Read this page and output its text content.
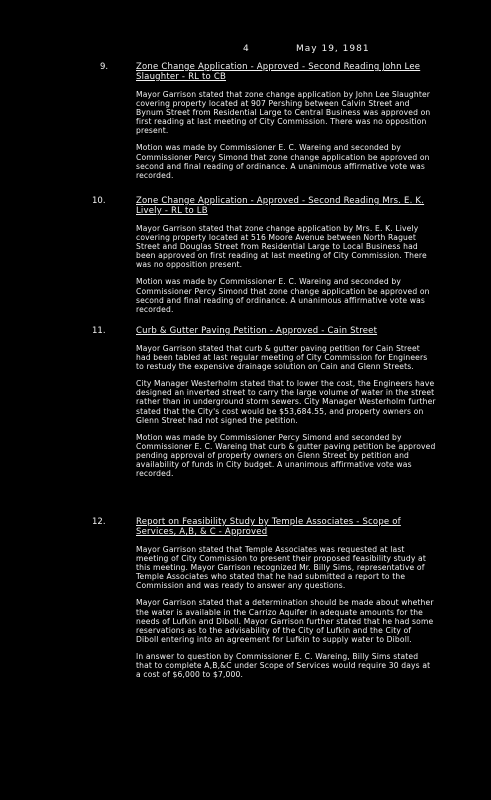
4	May 19, 1981
9.	Zone Change Application - Approved - Second Reading John Lee Slaughter - RL to CB

Mayor Garrison stated that zone change application by John Lee Slaughter covering property located at 907 Pershing between Calvin Street and Bynum Street from Residential Large to Central Business was approved on first reading at last meeting of City Commission. There was no opposition present.

Motion was made by Commissioner E. C. Wareing and seconded by Commissioner Percy Simond that zone change application be approved on second and final reading of ordinance. A unanimous affirmative vote was recorded.

10.	Zone Change Application - Approved - Second Reading Mrs. E. K. Lively - RL to LB

Mayor Garrison stated that zone change application by Mrs. E. K. Lively covering property located at 516 Moore Avenue between North Raguet Street and Douglas Street from Residential Large to Local Business had been approved on first reading at last meeting of City Commission. There was no opposition present.

Motion was made by Commissioner E. C. Wareing and seconded by Commissioner Percy Simond that zone change application be approved on second and final reading of ordinance. A unanimous affirmative vote was recorded.

11.	Curb & Gutter Paving Petition - Approved - Cain Street

Mayor Garrison stated that curb & gutter paving petition for Cain Street had been tabled at last regular meeting of City Commission for Engineers to restudy the expensive drainage solution on Cain and Glenn Streets.

City Manager Westerholm stated that to lower the cost, the Engineers have designed an inverted street to carry the large volume of water in the street rather than in underground storm sewers. City Manager Westerholm further stated that the City's cost would be $53,684.55, and property owners on Glenn Street had not signed the petition.

Motion was made by Commissioner Percy Simond and seconded by Commissioner E. C. Wareing that curb & gutter paving petition be approved pending approval of property owners on Glenn Street by petition and availability of funds in City budget. A unanimous affirmative vote was recorded.

12.	Report on Feasibility Study by Temple Associates - Scope of Services, A,B, & C - Approved

Mayor Garrison stated that Temple Associates was requested at last meeting of City Commission to present their proposed feasibility study at this meeting. Mayor Garrison recognized Mr. Billy Sims, representative of Temple Associates who stated that he had submitted a report to the Commission and was ready to answer any questions.

Mayor Garrison stated that a determination should be made about whether the water is available in the Carrizo Aquifer in adequate amounts for the needs of Lufkin and Diboll. Mayor Garrison further stated that he had some reservations as to the advisability of the City of Lufkin and the City of Diboll entering into an agreement for Lufkin to supply water to Diboll.

In answer to question by Commissioner E. C. Wareing, Billy Sims stated that to complete A,B,&C under Scope of Services would require 30 days at a cost of $6,000 to $7,000.
